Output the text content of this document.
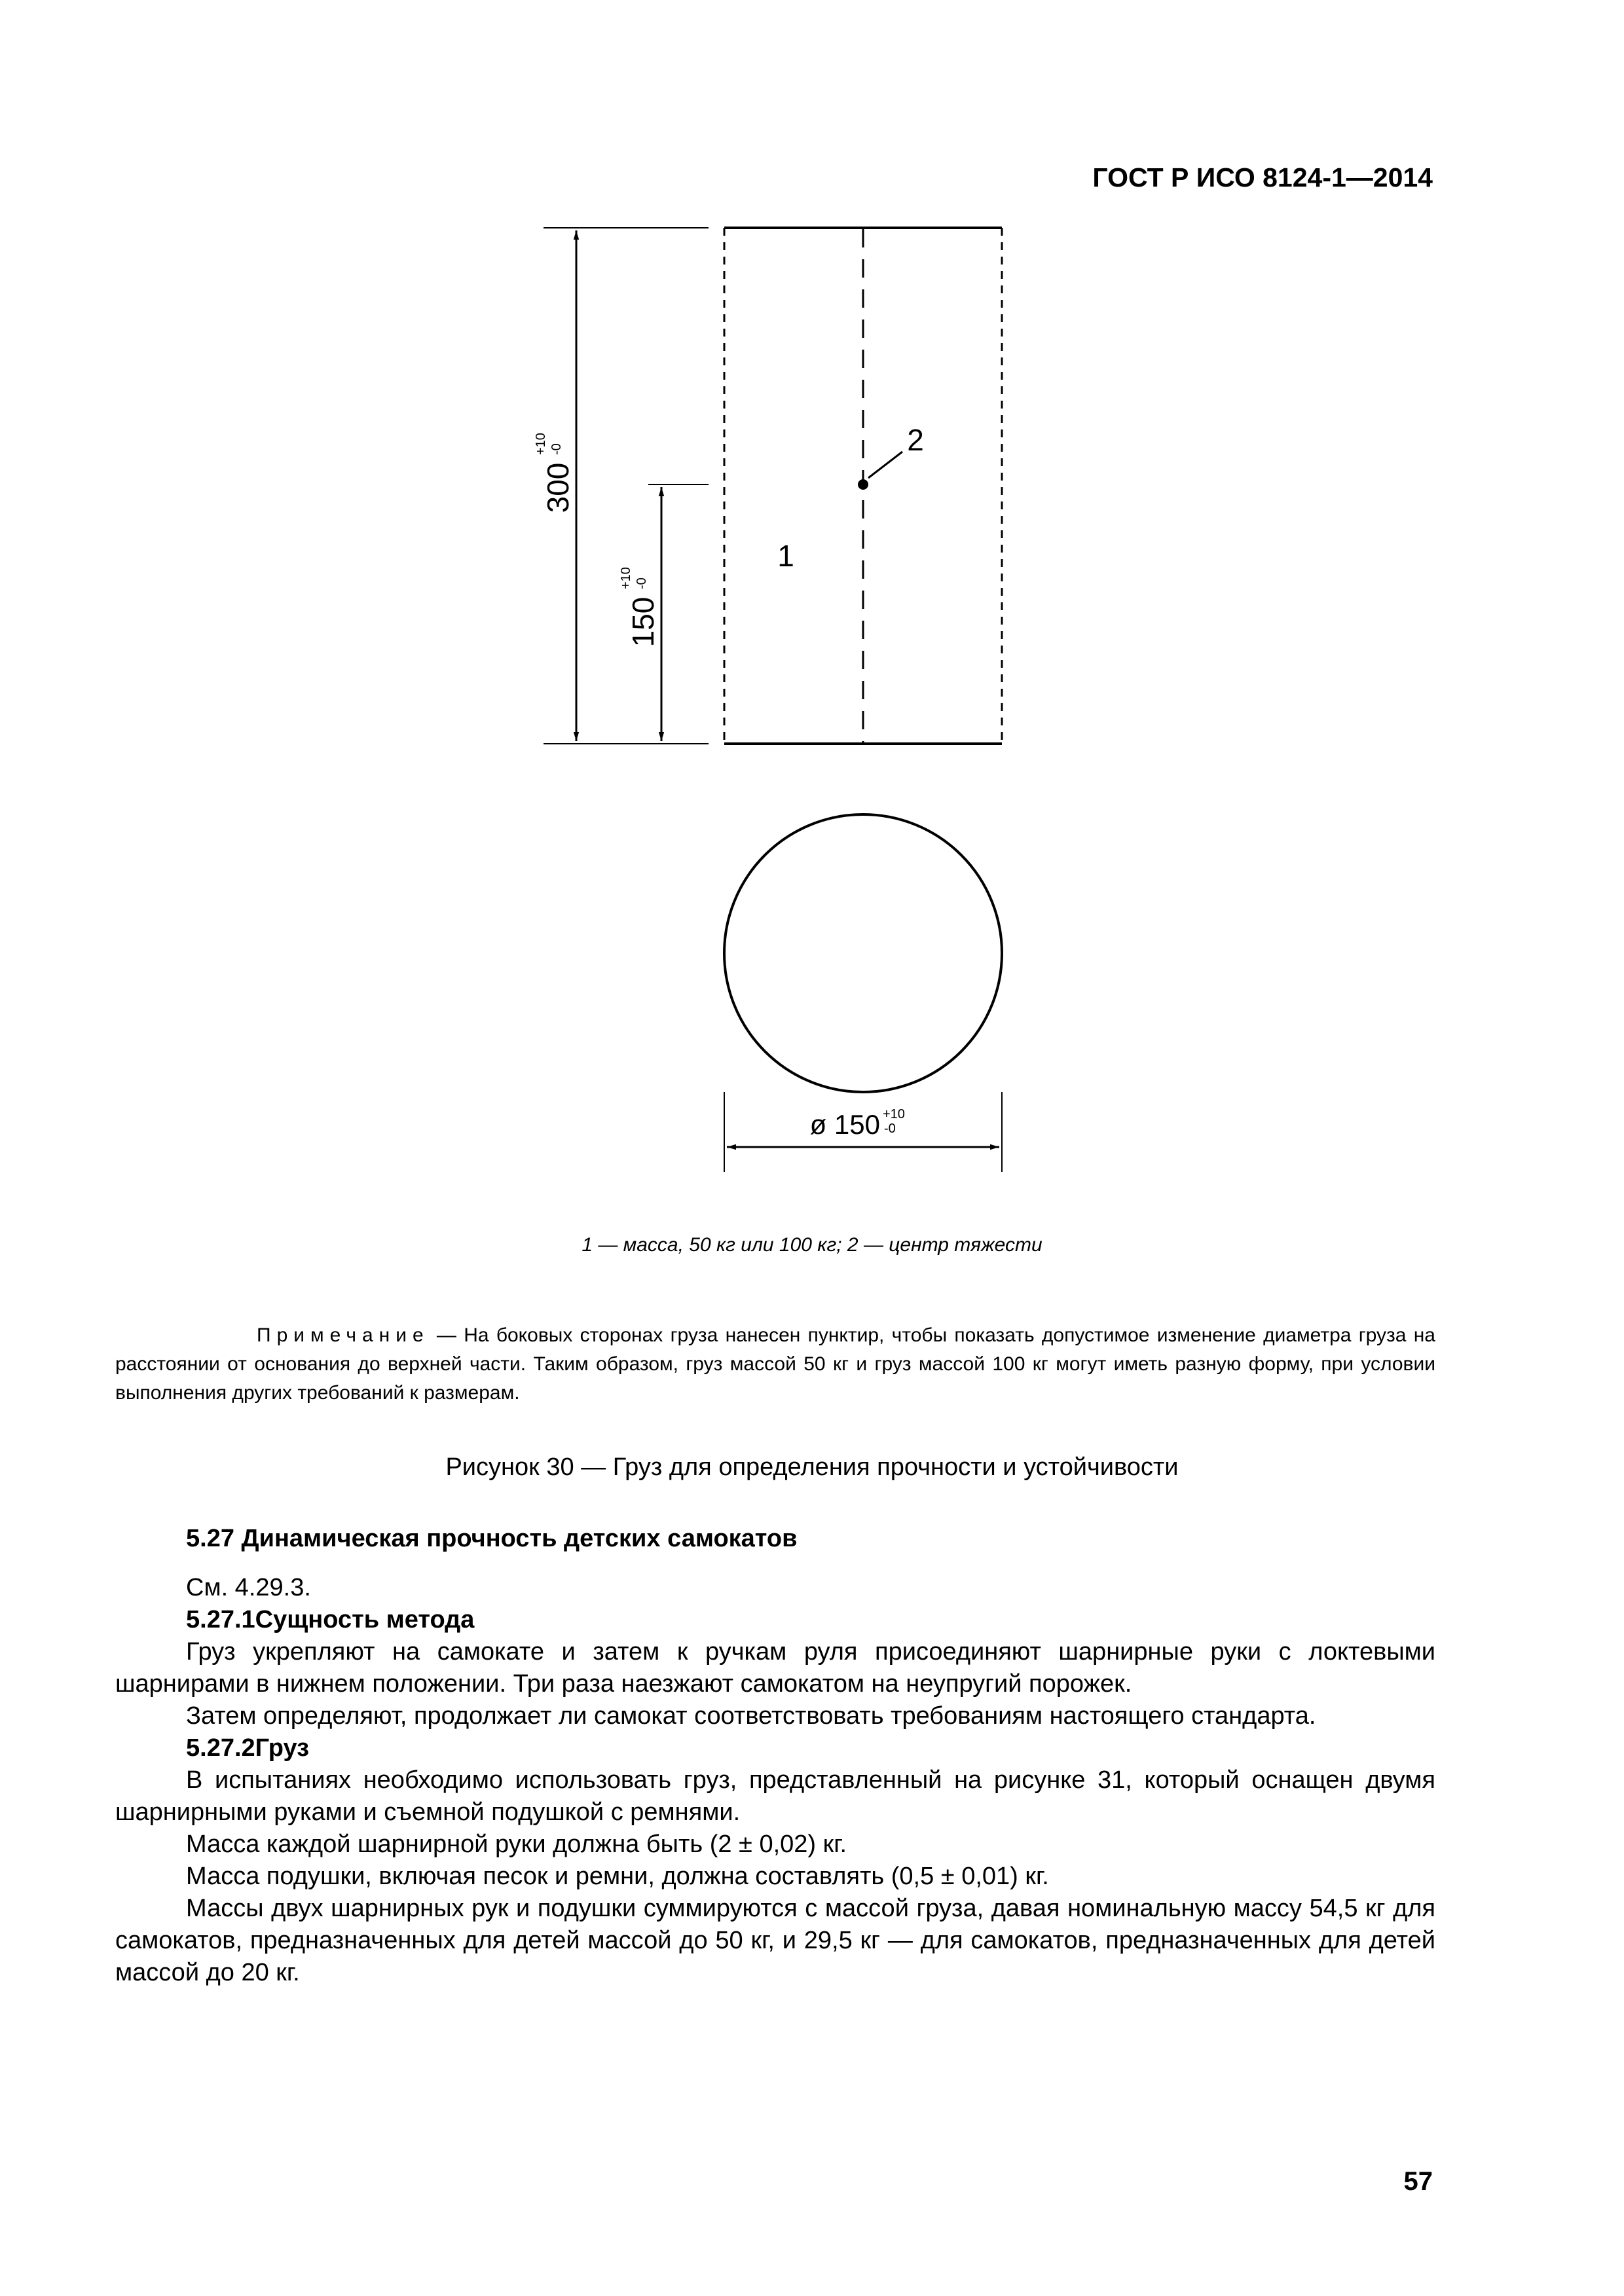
ГОСТ Р ИСО 8124-1—2014
300
+10 -0
150
+10 -0
1
2
ø 150 +10
-0
1 — масса, 50 кг или 100 кг; 2 — центр тяжести
Примечание — На боковых сторонах груза нанесен пунктир, чтобы показать допустимое изменение диаметра груза на расстоянии от основания до верхней части. Таким образом, груз массой 50 кг и груз массой 100 кг могут иметь разную форму, при условии выполнения других требований к размерам.
Рисунок 30 — Груз для определения прочности и устойчивости

5.27 Динамическая прочность детских самокатов

См. 4.29.3.

5.27.1Сущность метода

Груз укрепляют на самокате и затем к ручкам руля присоединяют шарнирные руки с локтевыми шарнирами в нижнем положении. Три раза наезжают самокатом на неупругий порожек.

Затем определяют, продолжает ли самокат соответствовать требованиям настоящего стандарта.

5.27.2Груз

В испытаниях необходимо использовать груз, представленный на рисунке 31, который оснащен двумя шарнирными руками и съемной подушкой с ремнями.

Масса каждой шарнирной руки должна быть (2 ± 0,02) кг.

Масса подушки, включая песок и ремни, должна составлять (0,5 ± 0,01) кг.

Массы двух шарнирных рук и подушки суммируются с массой груза, давая номинальную массу 54,5 кг для самокатов, предназначенных для детей массой до 50 кг, и 29,5 кг — для самокатов, предназначенных для детей массой до 20 кг.

57
